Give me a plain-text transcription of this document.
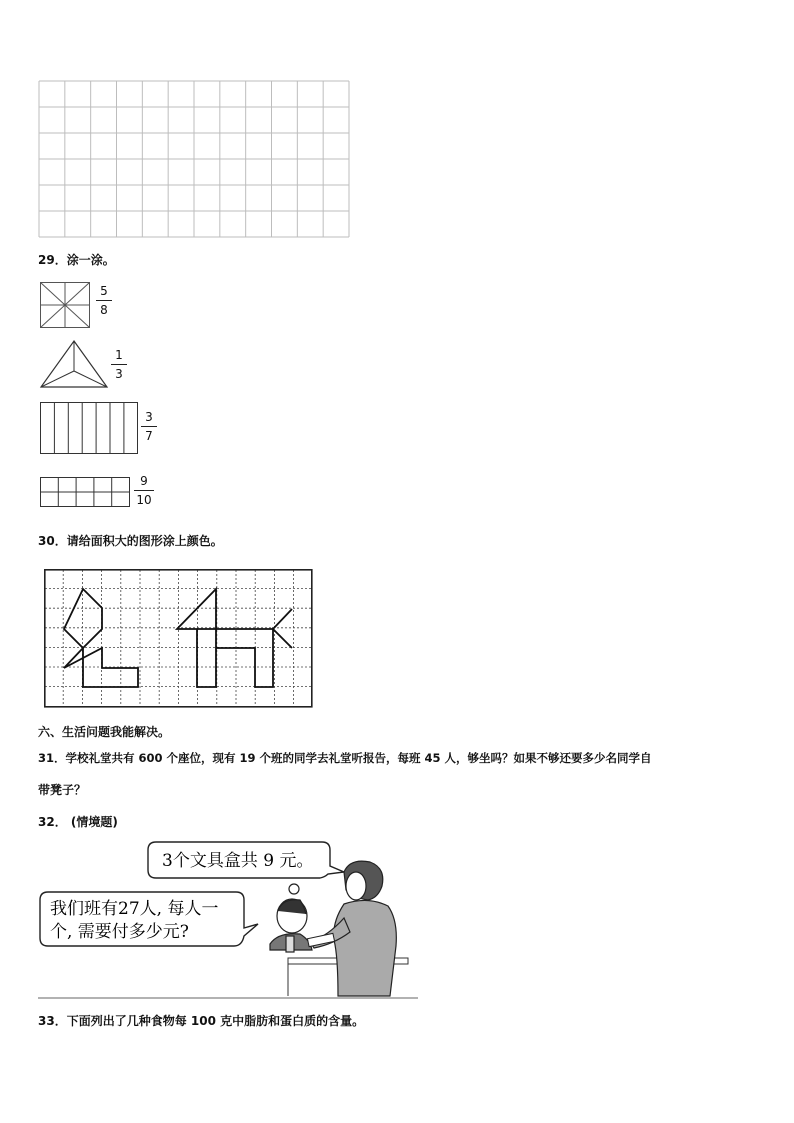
29．涂一涂。
5
8
1
3
3
7
9
10
30．请给面积大的图形涂上颜色。
六、生活问题我能解决。
31．学校礼堂共有 600 个座位，现有 19 个班的同学去礼堂听报告，每班 45 人，够坐吗？如果不够还要多少名同学自
带凳子？
32． (情境题)
3个文具盒共 9 元。
我们班有27人, 每人一
个, 需要付多少元?
33．下面列出了几种食物每 100 克中脂肪和蛋白质的含量。
